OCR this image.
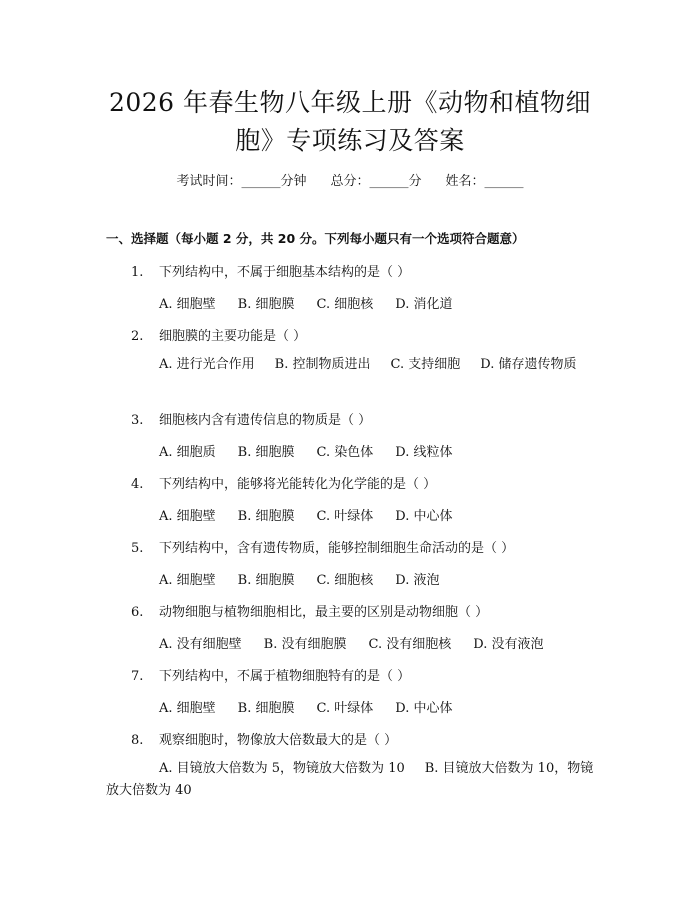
2026 年春生物八年级上册《动物和植物细
胞》专项练习及答案
考试时间：______分钟 总分：______分 姓名：______
一、选择题（每小题 2 分，共 20 分。下列每小题只有一个选项符合题意）
1. 下列结构中，不属于细胞基本结构的是（ ）
A. 细胞壁 B. 细胞膜 C. 细胞核 D. 消化道
2. 细胞膜的主要功能是（ ）
A. 进行光合作用 B. 控制物质进出 C. 支持细胞 D. 储存遗传物质
3. 细胞核内含有遗传信息的物质是（ ）
A. 细胞质 B. 细胞膜 C. 染色体 D. 线粒体
4. 下列结构中，能够将光能转化为化学能的是（ ）
A. 细胞壁 B. 细胞膜 C. 叶绿体 D. 中心体
5. 下列结构中，含有遗传物质，能够控制细胞生命活动的是（ ）
A. 细胞壁 B. 细胞膜 C. 细胞核 D. 液泡
6. 动物细胞与植物细胞相比，最主要的区别是动物细胞（ ）
A. 没有细胞壁 B. 没有细胞膜 C. 没有细胞核 D. 没有液泡
7. 下列结构中，不属于植物细胞特有的是（ ）
A. 细胞壁 B. 细胞膜 C. 叶绿体 D. 中心体
8. 观察细胞时，物像放大倍数最大的是（ ）
A. 目镜放大倍数为 5，物镜放大倍数为 10 B. 目镜放大倍数为 10，物镜放大倍数为 40
